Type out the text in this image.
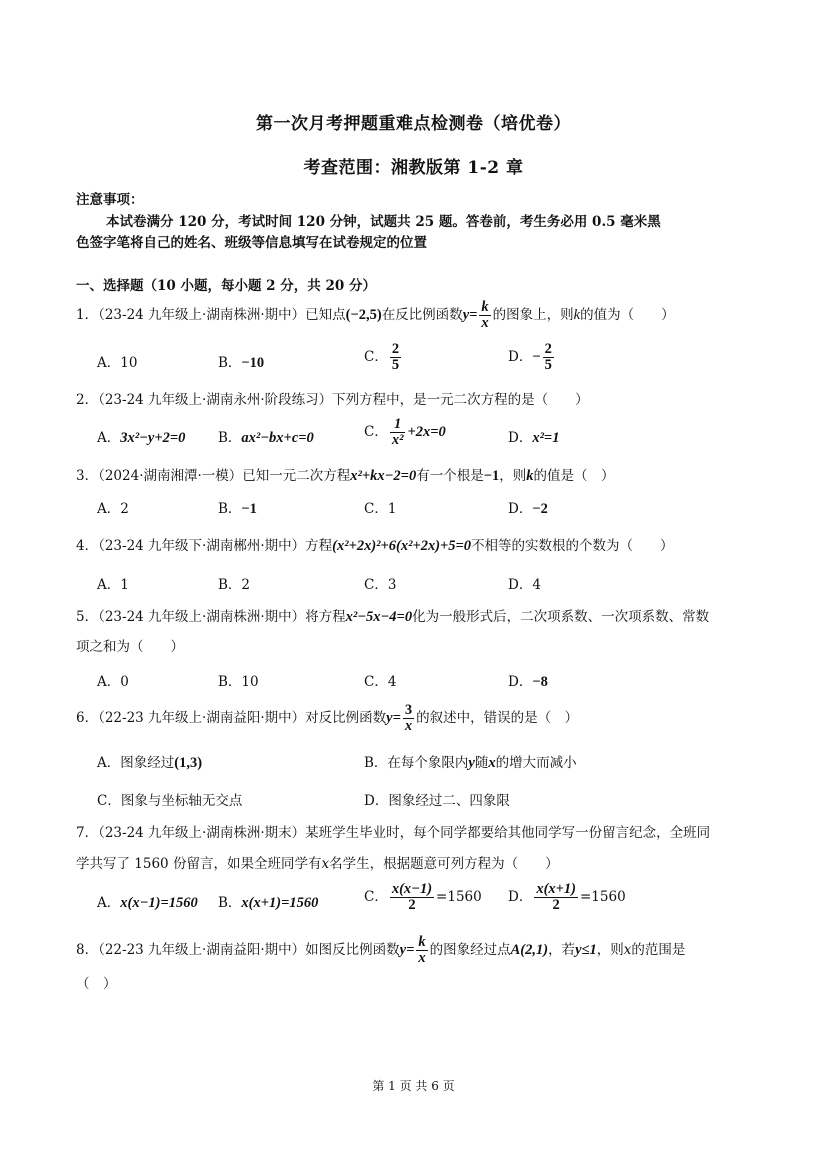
第一次月考押题重难点检测卷（培优卷）
考查范围：湘教版第 1-2 章
注意事项：
本试卷满分 120 分，考试时间 120 分钟，试题共 25 题。答卷前，考生务必用 0.5 毫米黑
色签字笔将自己的姓名、班级等信息填写在试卷规定的位置
一、选择题（10 小题，每小题 2 分，共 20 分）
1．（23-24 九年级上·湖南株洲·期中）已知点(−2,5)在反比例函数$y= \frac{k}{x}$ 的图象上，则k的值为（　　）
A．10	B．−10	C． $\frac{2}{5}$	D．− $\frac{2}{5}$
2．（23-24 九年级上·湖南永州·阶段练习）下列方程中，是一元二次方程的是（　　）
A．3x²−y+2=0 B．ax²−bx+c=0	C． $\frac{1}{\text{x²}} +2x=0$	D．x²=1
3．（2024·湖南湘潭·一模）已知一元二次方程x²+kx−2=0有一个根是−1，则k的值是（　）
A．2	B．−1	C．1	D．−2
4．（23-24 九年级下·湖南郴州·期中）方程(x²+2x)²+6(x²+2x)+5=0不相等的实数根的个数为（　　）
A．1	B．2	C．3	D．4
5．（23-24 九年级上·湖南株洲·期中）将方程x²−5x−4=0化为一般形式后，二次项系数、一次项系数、常数
项之和为（　　）
A．0	B．10	C．4	D．−8
6．（22-23 九年级上·湖南益阳·期中）对反比例函数$y= \frac{3}{x}$ 的叙述中，错误的是（　）
A．图象经过(1,3)	B．在每个象限内y随x的增大而减小
C．图象与坐标轴无交点	D．图象经过二、四象限
7．（23-24 九年级上·湖南株洲·期末）某班学生毕业时，每个同学都要给其他同学写一份留言纪念，全班同
学共写了 1560 份留言，如果全班同学有x名学生，根据题意可列方程为（　　）
A．x(x−1)=1560 B．x(x+1)=1560	C． $\frac{x(x-1)}{2} =1560$ D． $\frac{x(x+1)}{2} =1560$
8．（22-23 九年级上·湖南益阳·期中）如图反比例函数$y= \frac{k}{x}$ 的图象经过点A(2,1)，若y≤1，则x的范围是
（　）
第 1 页 共 6 页
